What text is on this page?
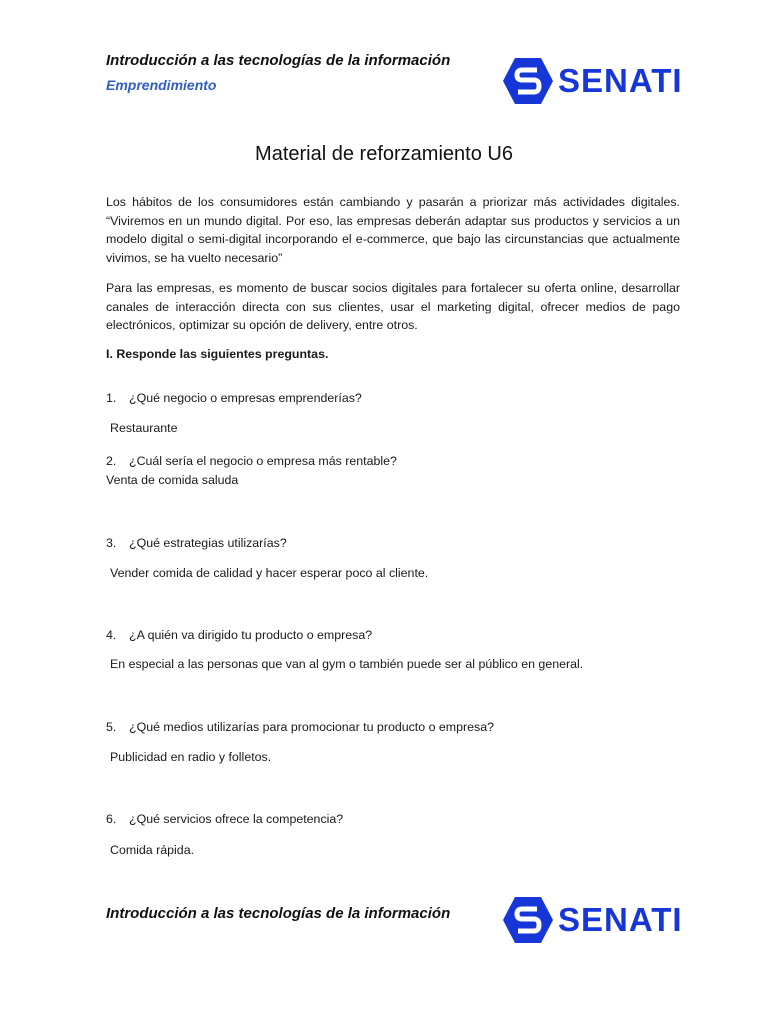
Introducción a las tecnologías de la información
Emprendimiento	SENATI
Material de reforzamiento U6
Los hábitos de los consumidores están cambiando y pasarán a priorizar más actividades digitales. “Viviremos en un mundo digital. Por eso, las empresas deberán adaptar sus productos y servicios a un modelo digital o semi-digital incorporando el e-commerce, que bajo las circunstancias que actualmente vivimos, se ha vuelto necesario”
Para las empresas, es momento de buscar socios digitales para fortalecer su oferta online, desarrollar canales de interacción directa con sus clientes, usar el marketing digital, ofrecer medios de pago electrónicos, optimizar su opción de delivery, entre otros.
I. Responde las siguientes preguntas.
1.	¿Qué negocio o empresas emprenderías?
Restaurante
2.	¿Cuál sería el negocio o empresa más rentable?
Venta de comida saluda
3.	¿Qué estrategias utilizarías?
Vender comida de calidad y hacer esperar poco al cliente.
4.	¿A quién va dirigido tu producto o empresa?
En especial a las personas que van al gym o también puede ser al público en general.
5.	¿Qué medios utilizarías para promocionar tu producto o empresa?
Publicidad en radio y folletos.
6.	¿Qué servicios ofrece la competencia?
Comida rápida.
Introducción a las tecnologías de la información	SENATI
